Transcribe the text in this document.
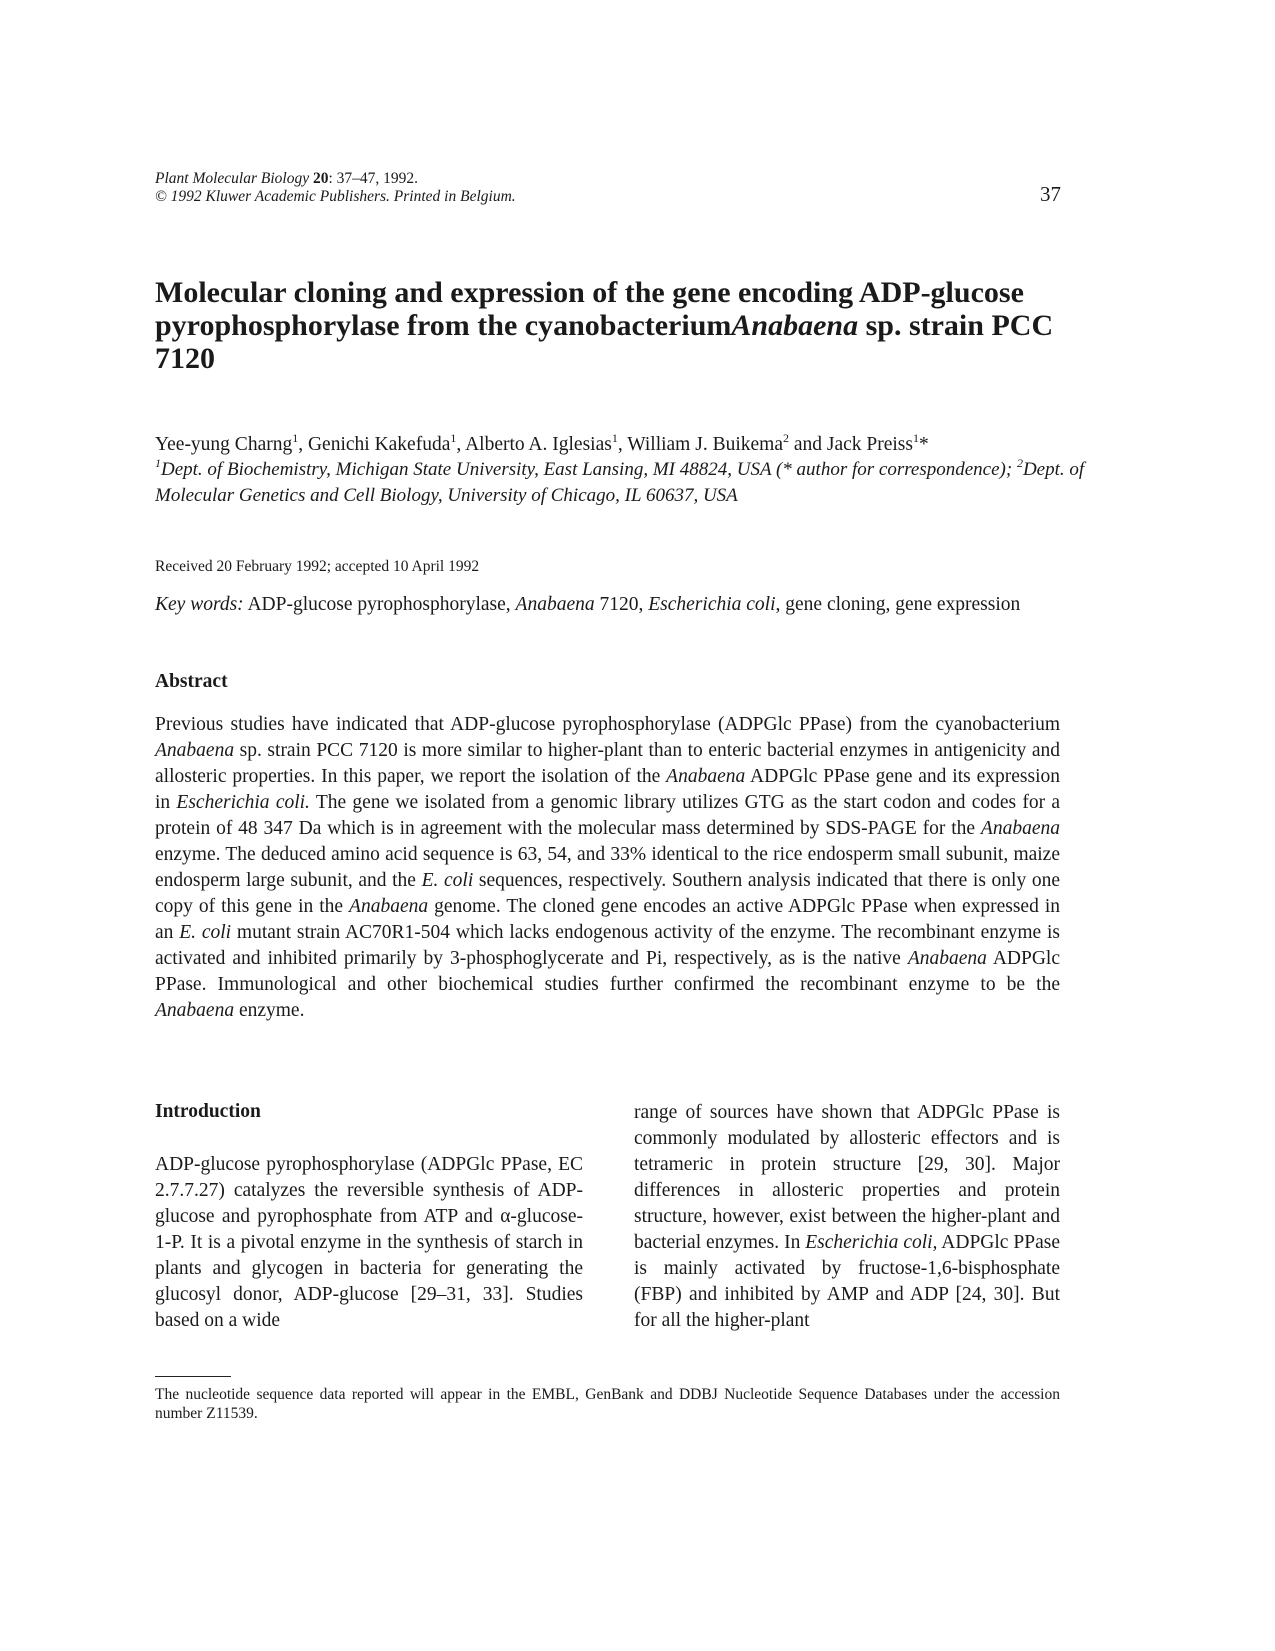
Plant Molecular Biology 20: 37–47, 1992.
© 1992 Kluwer Academic Publishers. Printed in Belgium.	37
Molecular cloning and expression of the gene encoding ADP-glucose pyrophosphorylase from the cyanobacteriumAnabaena sp. strain PCC 7120
Yee-yung Charng$^1$, Genichi Kakefuda$^1$, Alberto A. Iglesias$^1$, William J. Buikema$^2$ and Jack Preiss$^1$*
$^1$Dept. of Biochemistry, Michigan State University, East Lansing, MI 48824, USA (* author for correspondence); $^2$Dept. of Molecular Genetics and Cell Biology, University of Chicago, IL 60637, USA
Received 20 February 1992; accepted 10 April 1992
Key words: ADP-glucose pyrophosphorylase, Anabaena 7120, Escherichia coli, gene cloning, gene expression
Abstract
Previous studies have indicated that ADP-glucose pyrophosphorylase (ADPGlc PPase) from the cyanobacterium Anabaena sp. strain PCC 7120 is more similar to higher-plant than to enteric bacterial enzymes in antigenicity and allosteric properties. In this paper, we report the isolation of the Anabaena ADPGlc PPase gene and its expression in Escherichia coli. The gene we isolated from a genomic library utilizes GTG as the start codon and codes for a protein of 48 347 Da which is in agreement with the molecular mass determined by SDS-PAGE for the Anabaena enzyme. The deduced amino acid sequence is 63, 54, and 33% identical to the rice endosperm small subunit, maize endosperm large subunit, and the E. coli sequences, respectively. Southern analysis indicated that there is only one copy of this gene in the Anabaena genome. The cloned gene encodes an active ADPGlc PPase when expressed in an E. coli mutant strain AC70R1-504 which lacks endogenous activity of the enzyme. The recombinant enzyme is activated and inhibited primarily by 3-phosphoglycerate and Pi, respectively, as is the native Anabaena ADPGlc PPase. Immunological and other biochemical studies further confirmed the recombinant enzyme to be the Anabaena enzyme.
Introduction
ADP-glucose pyrophosphorylase (ADPGlc PPase, EC 2.7.7.27) catalyzes the reversible synthesis of ADP-glucose and pyrophosphate from ATP and α-glucose-1-P. It is a pivotal enzyme in the synthesis of starch in plants and glycogen in bacteria for generating the glucosyl donor, ADP-glucose [29–31, 33]. Studies based on a wide
range of sources have shown that ADPGlc PPase is commonly modulated by allosteric effectors and is tetrameric in protein structure [29, 30]. Major differences in allosteric properties and protein structure, however, exist between the higher-plant and bacterial enzymes. In Escherichia coli, ADPGlc PPase is mainly activated by fructose-1,6-bisphosphate (FBP) and inhibited by AMP and ADP [24, 30]. But for all the higher-plant
The nucleotide sequence data reported will appear in the EMBL, GenBank and DDBJ Nucleotide Sequence Databases under the accession number Z11539.
